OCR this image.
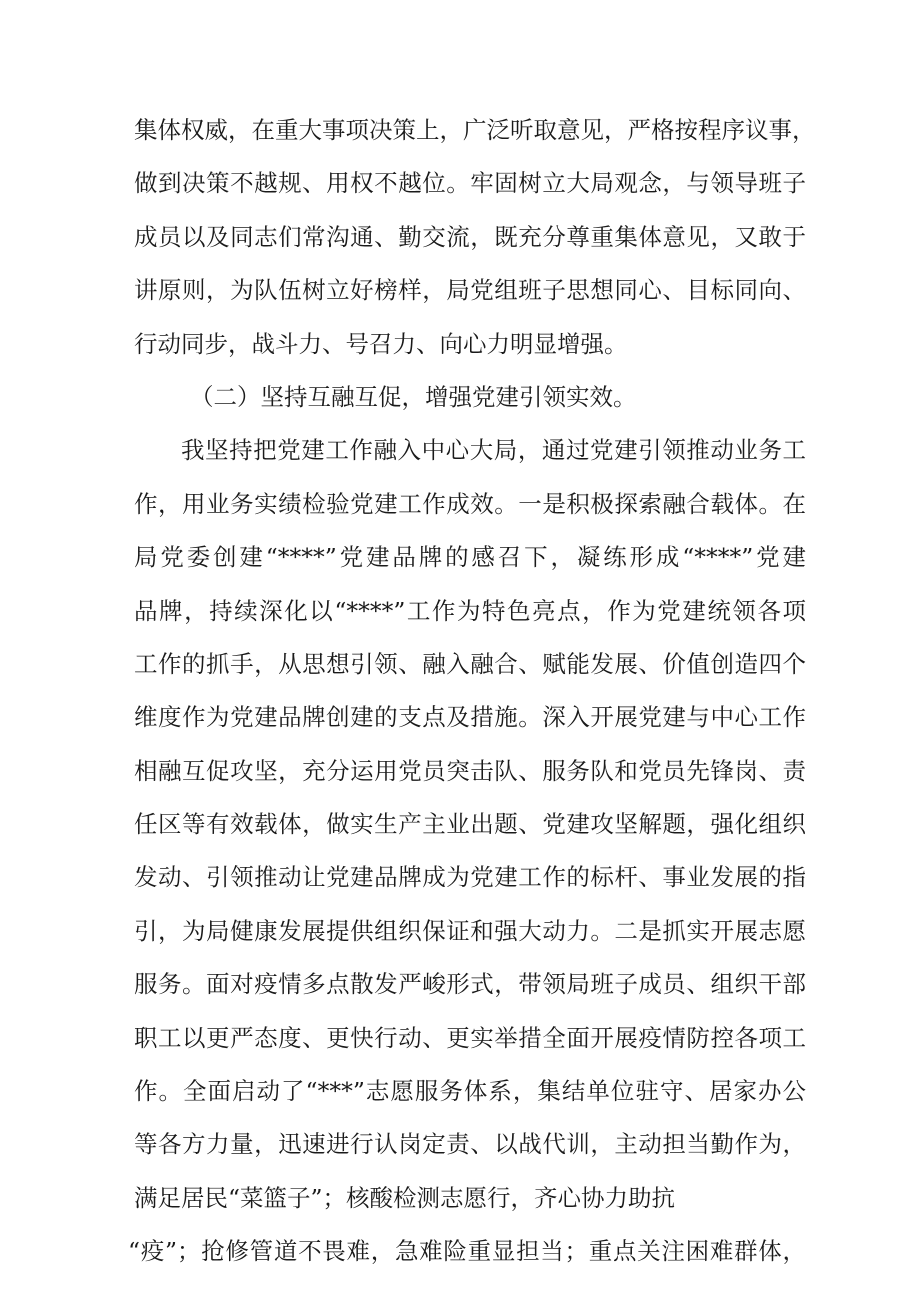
集体权威，在重大事项决策上，广泛听取意见，严格按程序议事，
做到决策不越规、用权不越位。牢固树立大局观念，与领导班子
成员以及同志们常沟通、勤交流，既充分尊重集体意见，又敢于
讲原则，为队伍树立好榜样，局党组班子思想同心、目标同向、
行动同步，战斗力、号召力、向心力明显增强。
（二）坚持互融互促，增强党建引领实效。
我坚持把党建工作融入中心大局，通过党建引领推动业务工
作，用业务实绩检验党建工作成效。一是积极探索融合载体。在
局党委创建“****”党建品牌的感召下，凝练形成“****”党建
品牌，持续深化以“****”工作为特色亮点，作为党建统领各项
工作的抓手，从思想引领、融入融合、赋能发展、价值创造四个
维度作为党建品牌创建的支点及措施。深入开展党建与中心工作
相融互促攻坚，充分运用党员突击队、服务队和党员先锋岗、责
任区等有效载体，做实生产主业出题、党建攻坚解题，强化组织
发动、引领推动让党建品牌成为党建工作的标杆、事业发展的指
引，为局健康发展提供组织保证和强大动力。二是抓实开展志愿
服务。面对疫情多点散发严峻形式，带领局班子成员、组织干部
职工以更严态度、更快行动、更实举措全面开展疫情防控各项工
作。全面启动了“***”志愿服务体系，集结单位驻守、居家办公
等各方力量，迅速进行认岗定责、以战代训，主动担当勤作为，
满足居民“菜篮子”；核酸检测志愿行，齐心协力助抗
“疫”；抢修管道不畏难，急难险重显担当；重点关注困难群体，
